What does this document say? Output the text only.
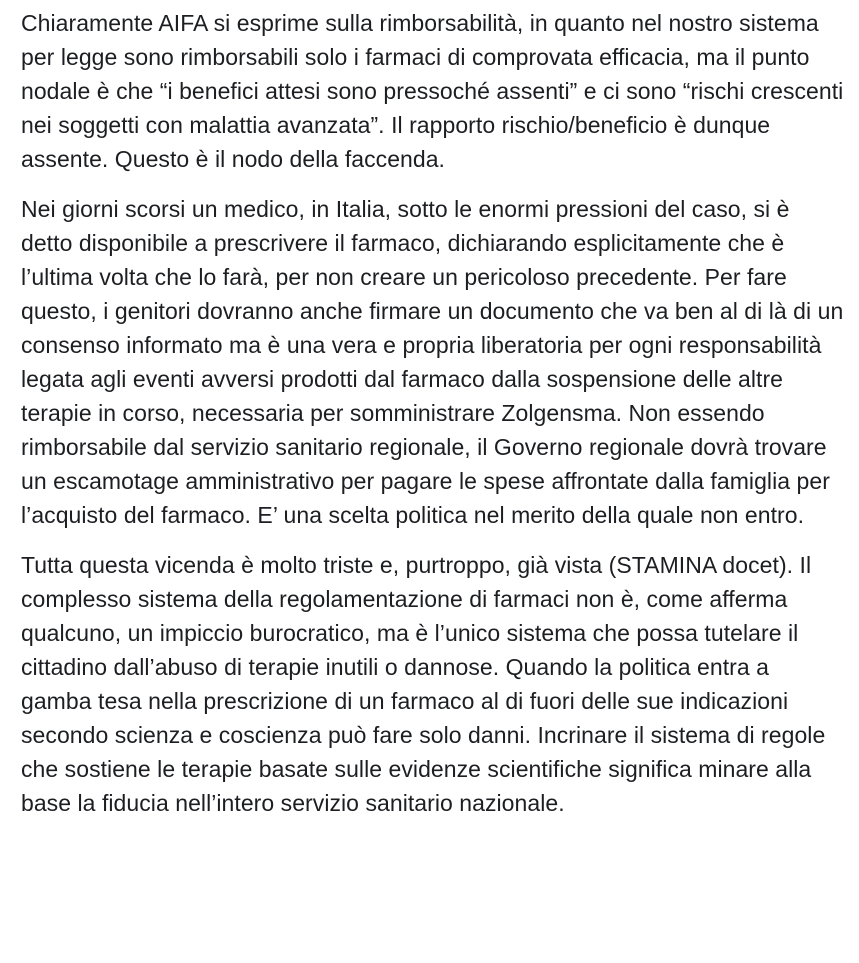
Chiaramente AIFA si esprime sulla rimborsabilità, in quanto nel nostro sistema per legge sono rimborsabili solo i farmaci di comprovata efficacia, ma il punto nodale è che “i benefici attesi sono pressoché assenti” e ci sono “rischi crescenti nei soggetti con malattia avanzata”. Il rapporto rischio/beneficio è dunque assente. Questo è il nodo della faccenda.

Nei giorni scorsi un medico, in Italia, sotto le enormi pressioni del caso, si è detto disponibile a prescrivere il farmaco, dichiarando esplicitamente che è l’ultima volta che lo farà, per non creare un pericoloso precedente. Per fare questo, i genitori dovranno anche firmare un documento che va ben al di là di un consenso informato ma è una vera e propria liberatoria per ogni responsabilità legata agli eventi avversi prodotti dal farmaco dalla sospensione delle altre terapie in corso, necessaria per somministrare Zolgensma. Non essendo rimborsabile dal servizio sanitario regionale, il Governo regionale dovrà trovare un escamotage amministrativo per pagare le spese affrontate dalla famiglia per l’acquisto del farmaco. E’ una scelta politica nel merito della quale non entro.

Tutta questa vicenda è molto triste e, purtroppo, già vista (STAMINA docet). Il complesso sistema della regolamentazione di farmaci non è, come afferma qualcuno, un impiccio burocratico, ma è l’unico sistema che possa tutelare il cittadino dall’abuso di terapie inutili o dannose. Quando la politica entra a gamba tesa nella prescrizione di un farmaco al di fuori delle sue indicazioni secondo scienza e coscienza può fare solo danni. Incrinare il sistema di regole che sostiene le terapie basate sulle evidenze scientifiche significa minare alla base la fiducia nell’intero servizio sanitario nazionale.
